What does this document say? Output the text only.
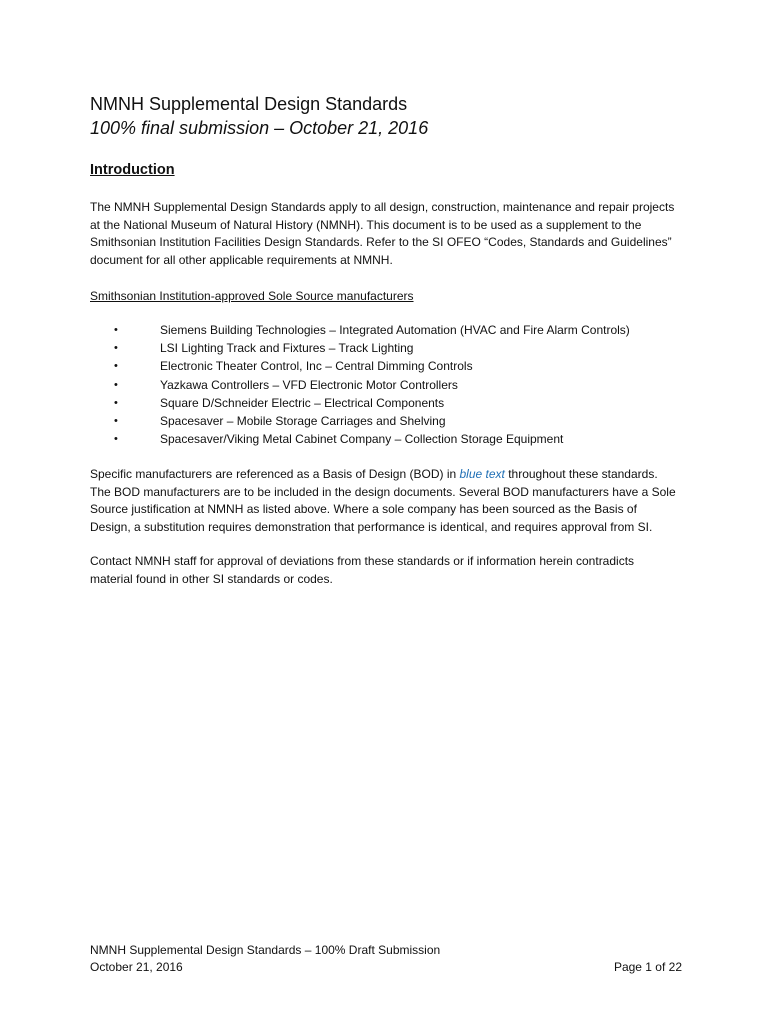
NMNH Supplemental Design Standards
100% final submission – October 21, 2016
Introduction

The NMNH Supplemental Design Standards apply to all design, construction, maintenance and repair projects at the National Museum of Natural History (NMNH). This document is to be used as a supplement to the Smithsonian Institution Facilities Design Standards. Refer to the SI OFEO “Codes, Standards and Guidelines” document for all other applicable requirements at NMNH.

Smithsonian Institution-approved Sole Source manufacturers
•	Siemens Building Technologies – Integrated Automation (HVAC and Fire Alarm Controls)
•	LSI Lighting Track and Fixtures – Track Lighting
•	Electronic Theater Control, Inc – Central Dimming Controls
•	Yazkawa Controllers – VFD Electronic Motor Controllers
•	Square D/Schneider Electric – Electrical Components
•	Spacesaver – Mobile Storage Carriages and Shelving
•	Spacesaver/Viking Metal Cabinet Company – Collection Storage Equipment

Specific manufacturers are referenced as a Basis of Design (BOD) in blue text throughout these standards. The BOD manufacturers are to be included in the design documents. Several BOD manufacturers have a Sole Source justification at NMNH as listed above. Where a sole company has been sourced as the Basis of Design, a substitution requires demonstration that performance is identical, and requires approval from SI.

Contact NMNH staff for approval of deviations from these standards or if information herein contradicts material found in other SI standards or codes.

NMNH Supplemental Design Standards – 100% Draft Submission
October 21, 2016	Page 1 of 22
